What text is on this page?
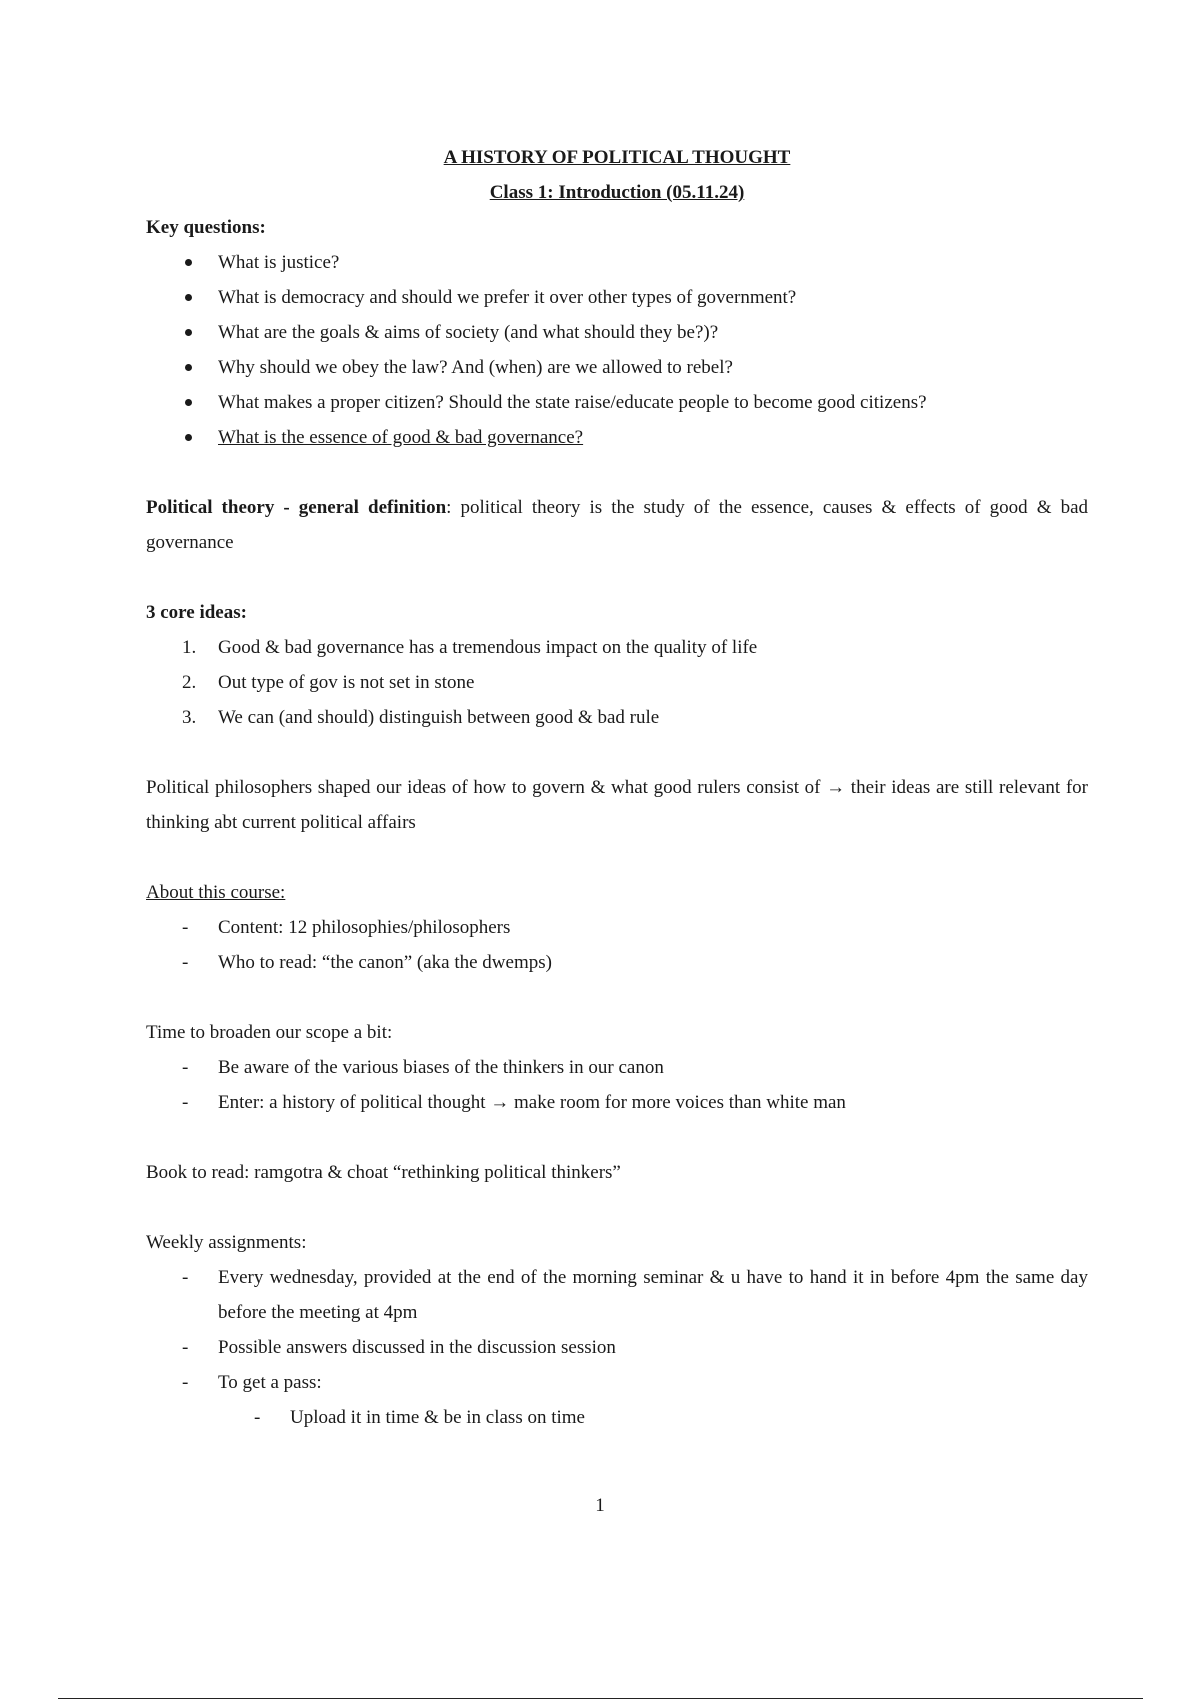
A HISTORY OF POLITICAL THOUGHT
Class 1: Introduction (05.11.24)

Key questions:

What is justice?
What is democracy and should we prefer it over other types of government?
What are the goals & aims of society (and what should they be?)?
Why should we obey the law? And (when) are we allowed to rebel?
What makes a proper citizen? Should the state raise/educate people to become good citizens?
What is the essence of good & bad governance?

Political theory - general definition: political theory is the study of the essence, causes & effects of good & bad governance

3 core ideas:

1.	Good & bad governance has a tremendous impact on the quality of life
2.	Out type of gov is not set in stone
3.	We can (and should) distinguish between good & bad rule

Political philosophers shaped our ideas of how to govern & what good rulers consist of → their ideas are still relevant for thinking abt current political affairs

About this course:

-	Content: 12 philosophies/philosophers
-	Who to read: “the canon” (aka the dwemps)

Time to broaden our scope a bit:

-	Be aware of the various biases of the thinkers in our canon
-	Enter: a history of political thought → make room for more voices than white man

Book to read: ramgotra & choat “rethinking political thinkers”

Weekly assignments:

-	Every wednesday, provided at the end of the morning seminar & u have to hand it in before 4pm the same day before the meeting at 4pm
-	Possible answers discussed in the discussion session
-	To get a pass:
-	Upload it in time & be in class on time
1
